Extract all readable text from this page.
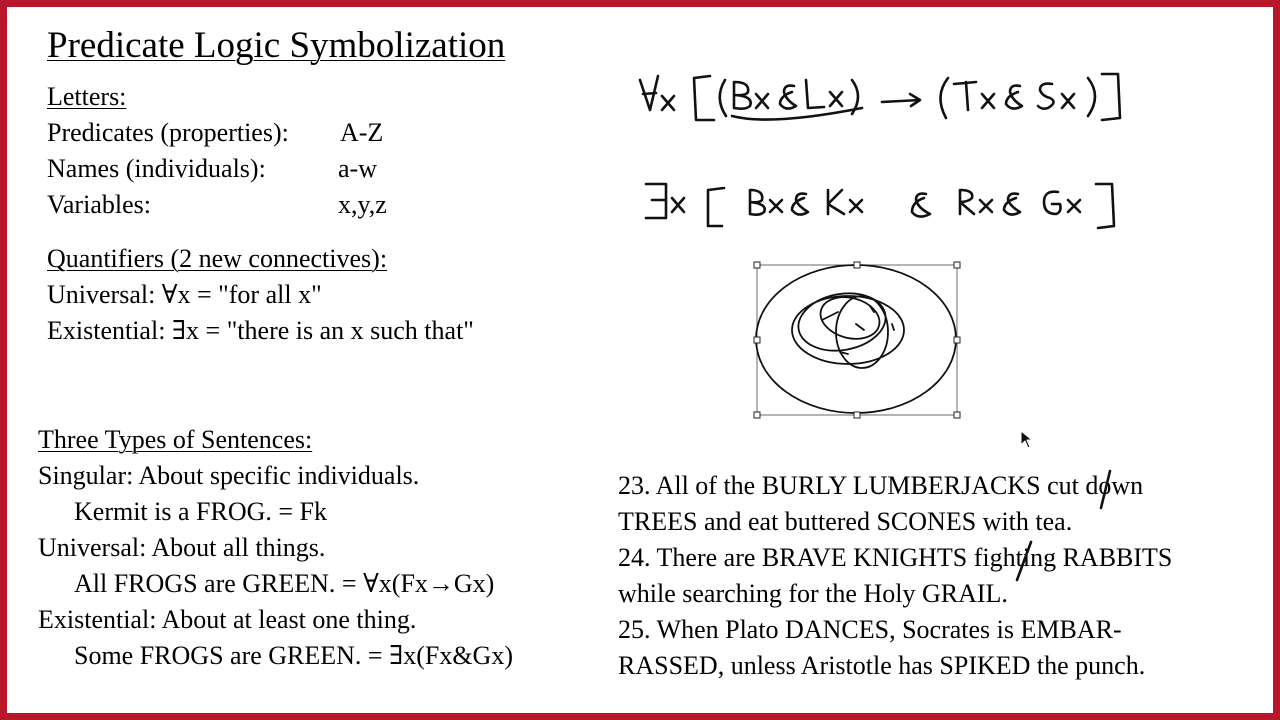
Predicate Logic Symbolization
Letters:
Predicates (properties): A-Z
Names (individuals):	a-w
Variables:	x,y,z
Quantifiers (2 new connectives):
Universal: ∀x = "for all x"
Existential: ∃x = "there is an x such that"
Three Types of Sentences:
Singular: About specific individuals.
Kermit is a FROG. = Fk
Universal: About all things.
All FROGS are GREEN. = ∀x(Fx→Gx)
Existential: About at least one thing.
Some FROGS are GREEN. = ∃x(Fx&Gx)
23. All of the BURLY LUMBERJACKS cut down
TREES and eat buttered SCONES with tea.
24. There are BRAVE KNIGHTS fighting RABBITS
while searching for the Holy GRAIL.
25. When Plato DANCES, Socrates is EMBAR-
RASSED, unless Aristotle has SPIKED the punch.
